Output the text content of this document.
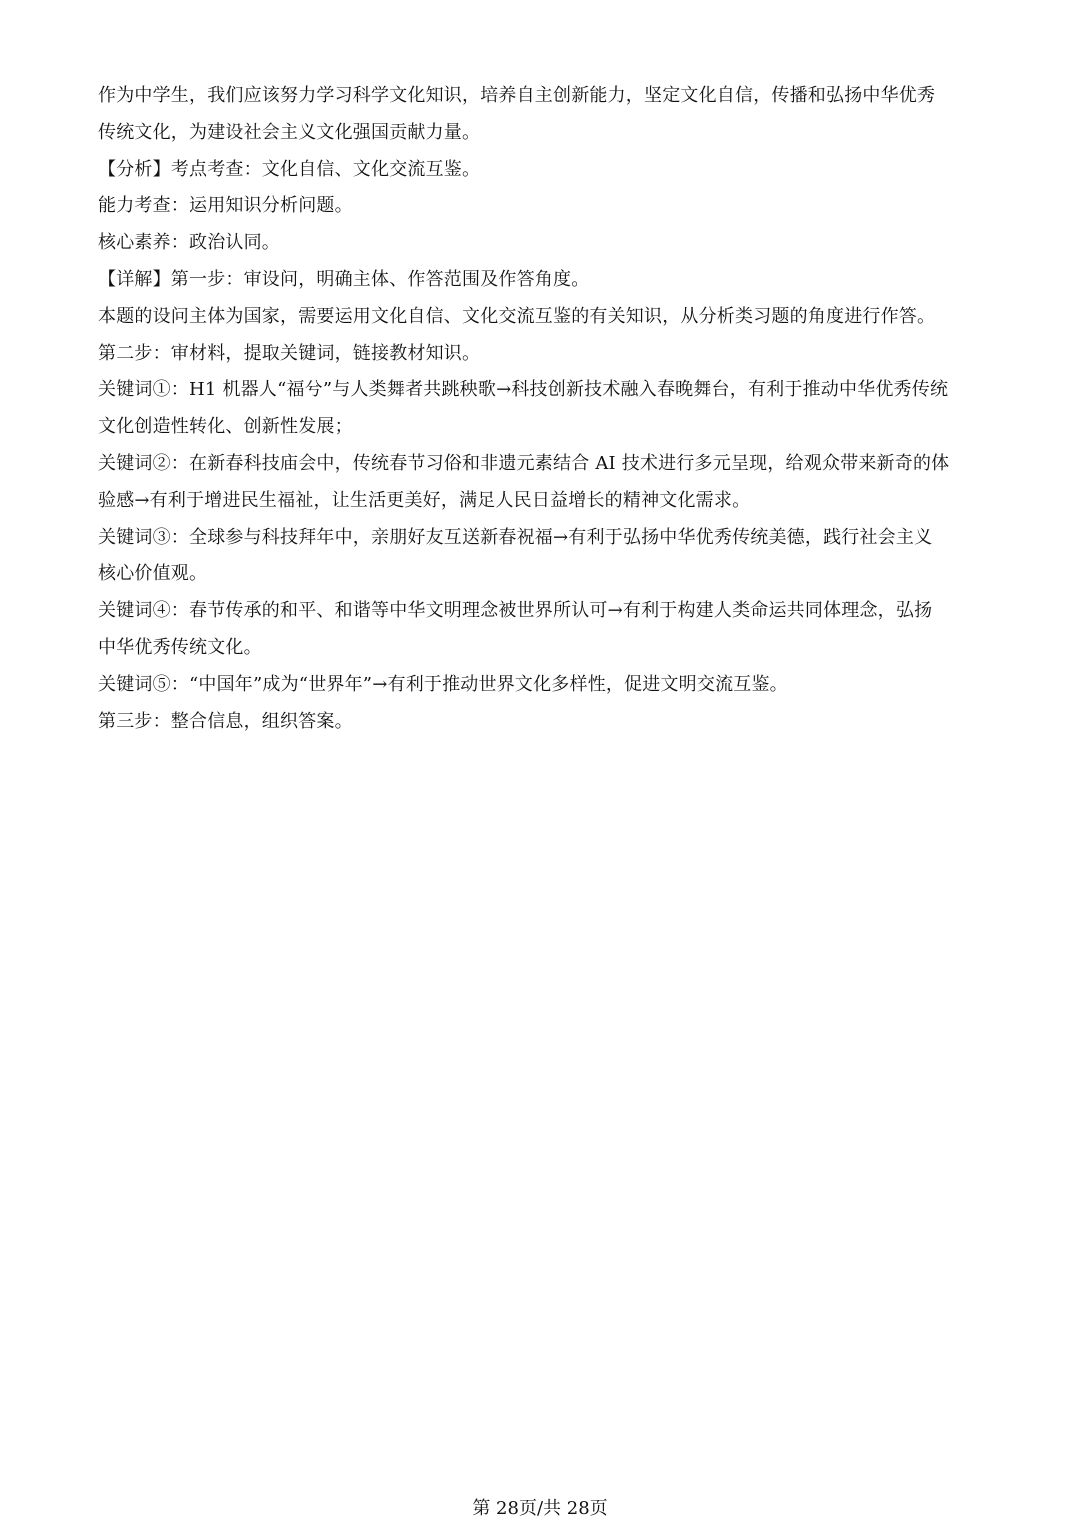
作为中学生，我们应该努力学习科学文化知识，培养自主创新能力，坚定文化自信，传播和弘扬中华优秀
传统文化，为建设社会主义文化强国贡献力量。
【分析】考点考查：文化自信、文化交流互鉴。
能力考查：运用知识分析问题。
核心素养：政治认同。
【详解】第一步：审设问，明确主体、作答范围及作答角度。
本题的设问主体为国家，需要运用文化自信、文化交流互鉴的有关知识，从分析类习题的角度进行作答。
第二步：审材料，提取关键词，链接教材知识。
关键词①：H1 机器人“福兮”与人类舞者共跳秧歌→科技创新技术融入春晚舞台，有利于推动中华优秀传统
文化创造性转化、创新性发展；
关键词②：在新春科技庙会中，传统春节习俗和非遗元素结合 AI 技术进行多元呈现，给观众带来新奇的体
验感→有利于增进民生福祉，让生活更美好，满足人民日益增长的精神文化需求。
关键词③：全球参与科技拜年中，亲朋好友互送新春祝福→有利于弘扬中华优秀传统美德，践行社会主义
核心价值观。
关键词④：春节传承的和平、和谐等中华文明理念被世界所认可→有利于构建人类命运共同体理念，弘扬
中华优秀传统文化。
关键词⑤：“中国年”成为“世界年”→有利于推动世界文化多样性，促进文明交流互鉴。
第三步：整合信息，组织答案。
第 28页/共 28页
